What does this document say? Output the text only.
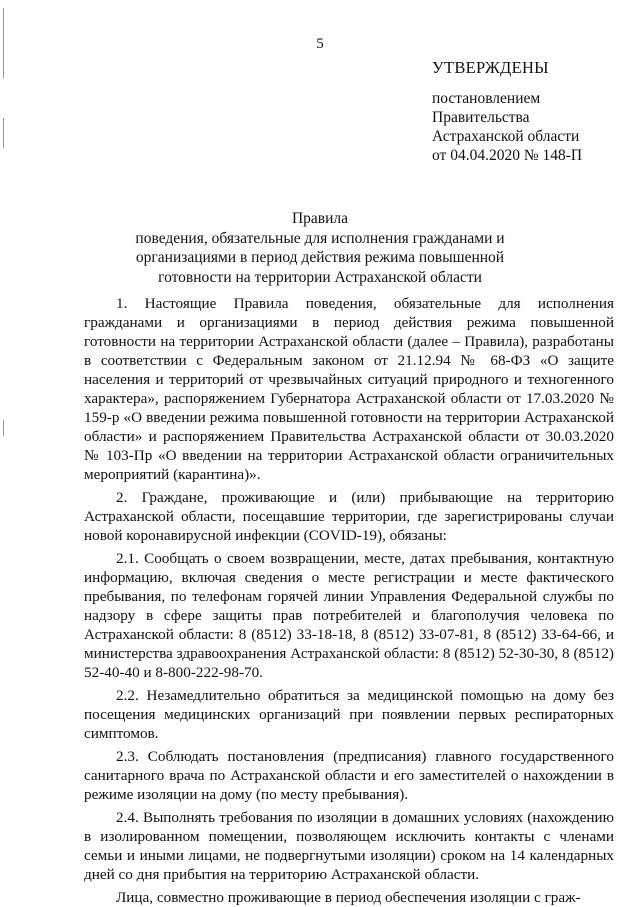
5
УТВЕРЖДЕНЫ
постановлением
Правительства
Астраханской области
от 04.04.2020 № 148-П
Правила
поведения, обязательные для исполнения гражданами и организациями в период действия режима повышенной готовности на территории Астраханской области

1. Настоящие Правила поведения, обязательные для исполнения гражданами и организациями в период действия режима повышенной готовности на территории Астраханской области (далее – Правила), разработаны в соответствии с Федеральным законом от 21.12.94 № 68-ФЗ «О защите населения и территорий от чрезвычайных ситуаций природного и техногенного характера», распоряжением Губернатора Астраханской области от 17.03.2020 № 159-р «О введении режима повышенной готовности на территории Астраханской области» и распоряжением Правительства Астраханской области от 30.03.2020 № 103-Пр «О введении на территории Астраханской области ограничительных мероприятий (карантина)».

2. Граждане, проживающие и (или) прибывающие на территорию Астраханской области, посещавшие территории, где зарегистрированы случаи новой коронавирусной инфекции (COVID-19), обязаны:

2.1. Сообщать о своем возвращении, месте, датах пребывания, контактную информацию, включая сведения о месте регистрации и месте фактического пребывания, по телефонам горячей линии Управления Федеральной службы по надзору в сфере защиты прав потребителей и благополучия человека по Астраханской области: 8 (8512) 33-18-18, 8 (8512) 33-07-81, 8 (8512) 33-64-66, и министерства здравоохранения Астраханской области: 8 (8512) 52-30-30, 8 (8512) 52-40-40 и 8-800-222-98-70.

2.2. Незамедлительно обратиться за медицинской помощью на дому без посещения медицинских организаций при появлении первых респираторных симптомов.

2.3. Соблюдать постановления (предписания) главного государственного санитарного врача по Астраханской области и его заместителей о нахождении в режиме изоляции на дому (по месту пребывания).

2.4. Выполнять требования по изоляции в домашних условиях (нахождению в изолированном помещении, позволяющем исключить контакты с членами семьи и иными лицами, не подвергнутыми изоляции) сроком на 14 календарных дней со дня прибытия на территорию Астраханской области.

Лица, совместно проживающие в период обеспечения изоляции с граж-
